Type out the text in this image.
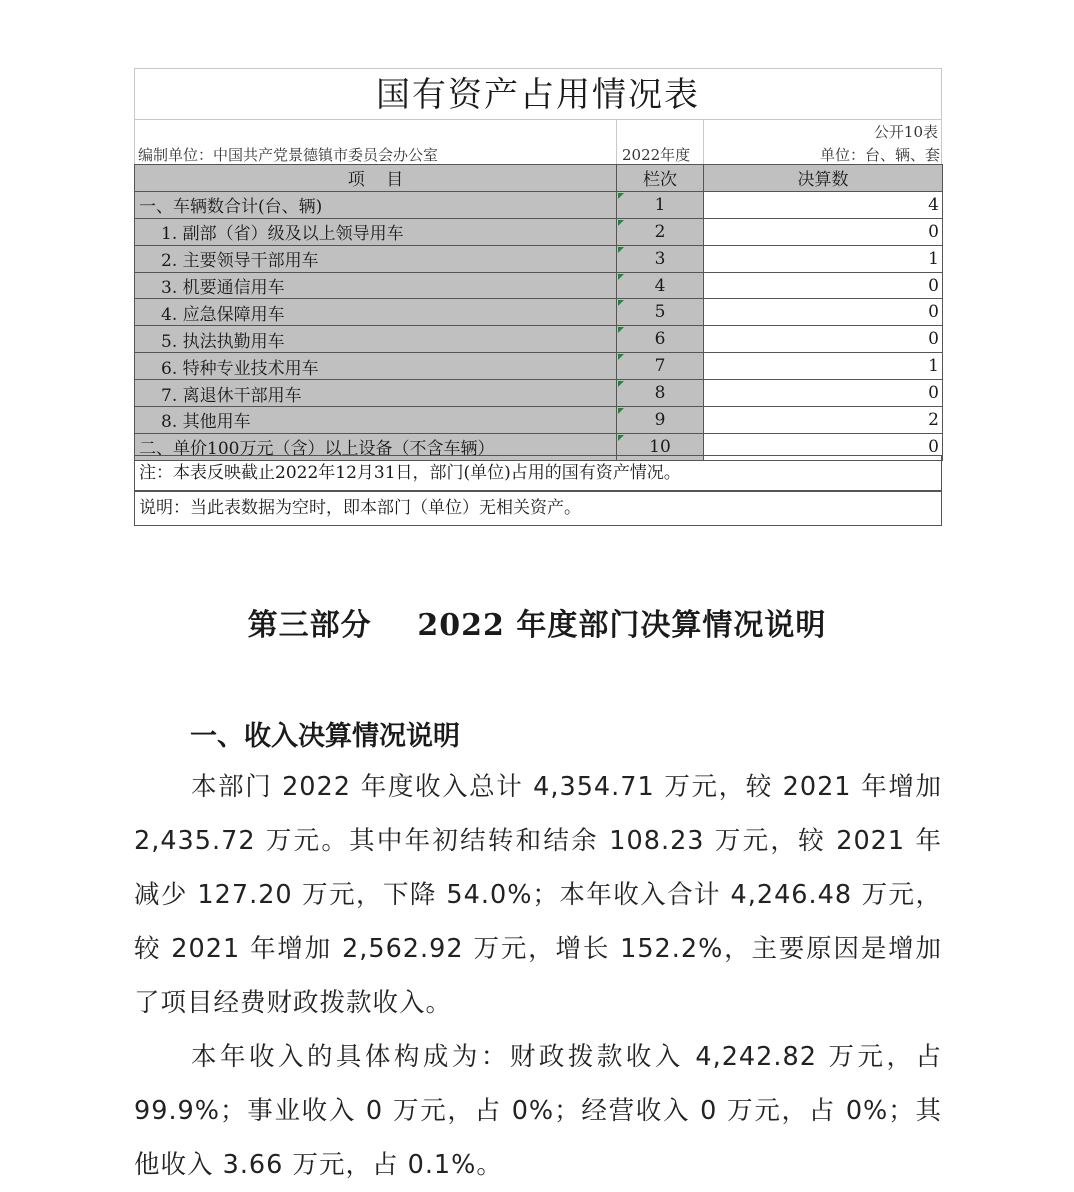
国有资产占用情况表
公开10表
编制单位：中国共产党景德镇市委员会办公室	2022年度	单位：台、辆、套
项    目	栏次	决算数
一、车辆数合计(台、辆)	1	4
1. 副部（省）级及以上领导用车	2	0
2. 主要领导干部用车	3	1
3. 机要通信用车	4	0
4. 应急保障用车	5	0
5. 执法执勤用车	6	0
6. 特种专业技术用车	7	1
7. 离退休干部用车	8	0
8. 其他用车	9	2
二、单价100万元（含）以上设备（不含车辆）	10	0
注：本表反映截止2022年12月31日，部门(单位)占用的国有资产情况。
说明：当此表数据为空时，即本部门（单位）无相关资产。
第三部分    2022 年度部门决算情况说明
一、收入决算情况说明

本部门 2022 年度收入总计 4,354.71 万元，较 2021 年增加 2,435.72 万元。其中年初结转和结余 108.23 万元，较 2021 年减少 127.20 万元，下降 54.0%；本年收入合计 4,246.48 万元，较 2021 年增加 2,562.92 万元，增长 152.2%，主要原因是增加了项目经费财政拨款收入。

本年收入的具体构成为：财政拨款收入 4,242.82 万元，占 99.9%；事业收入 0 万元，占 0%；经营收入 0 万元，占 0%；其他收入 3.66 万元，占 0.1%。
